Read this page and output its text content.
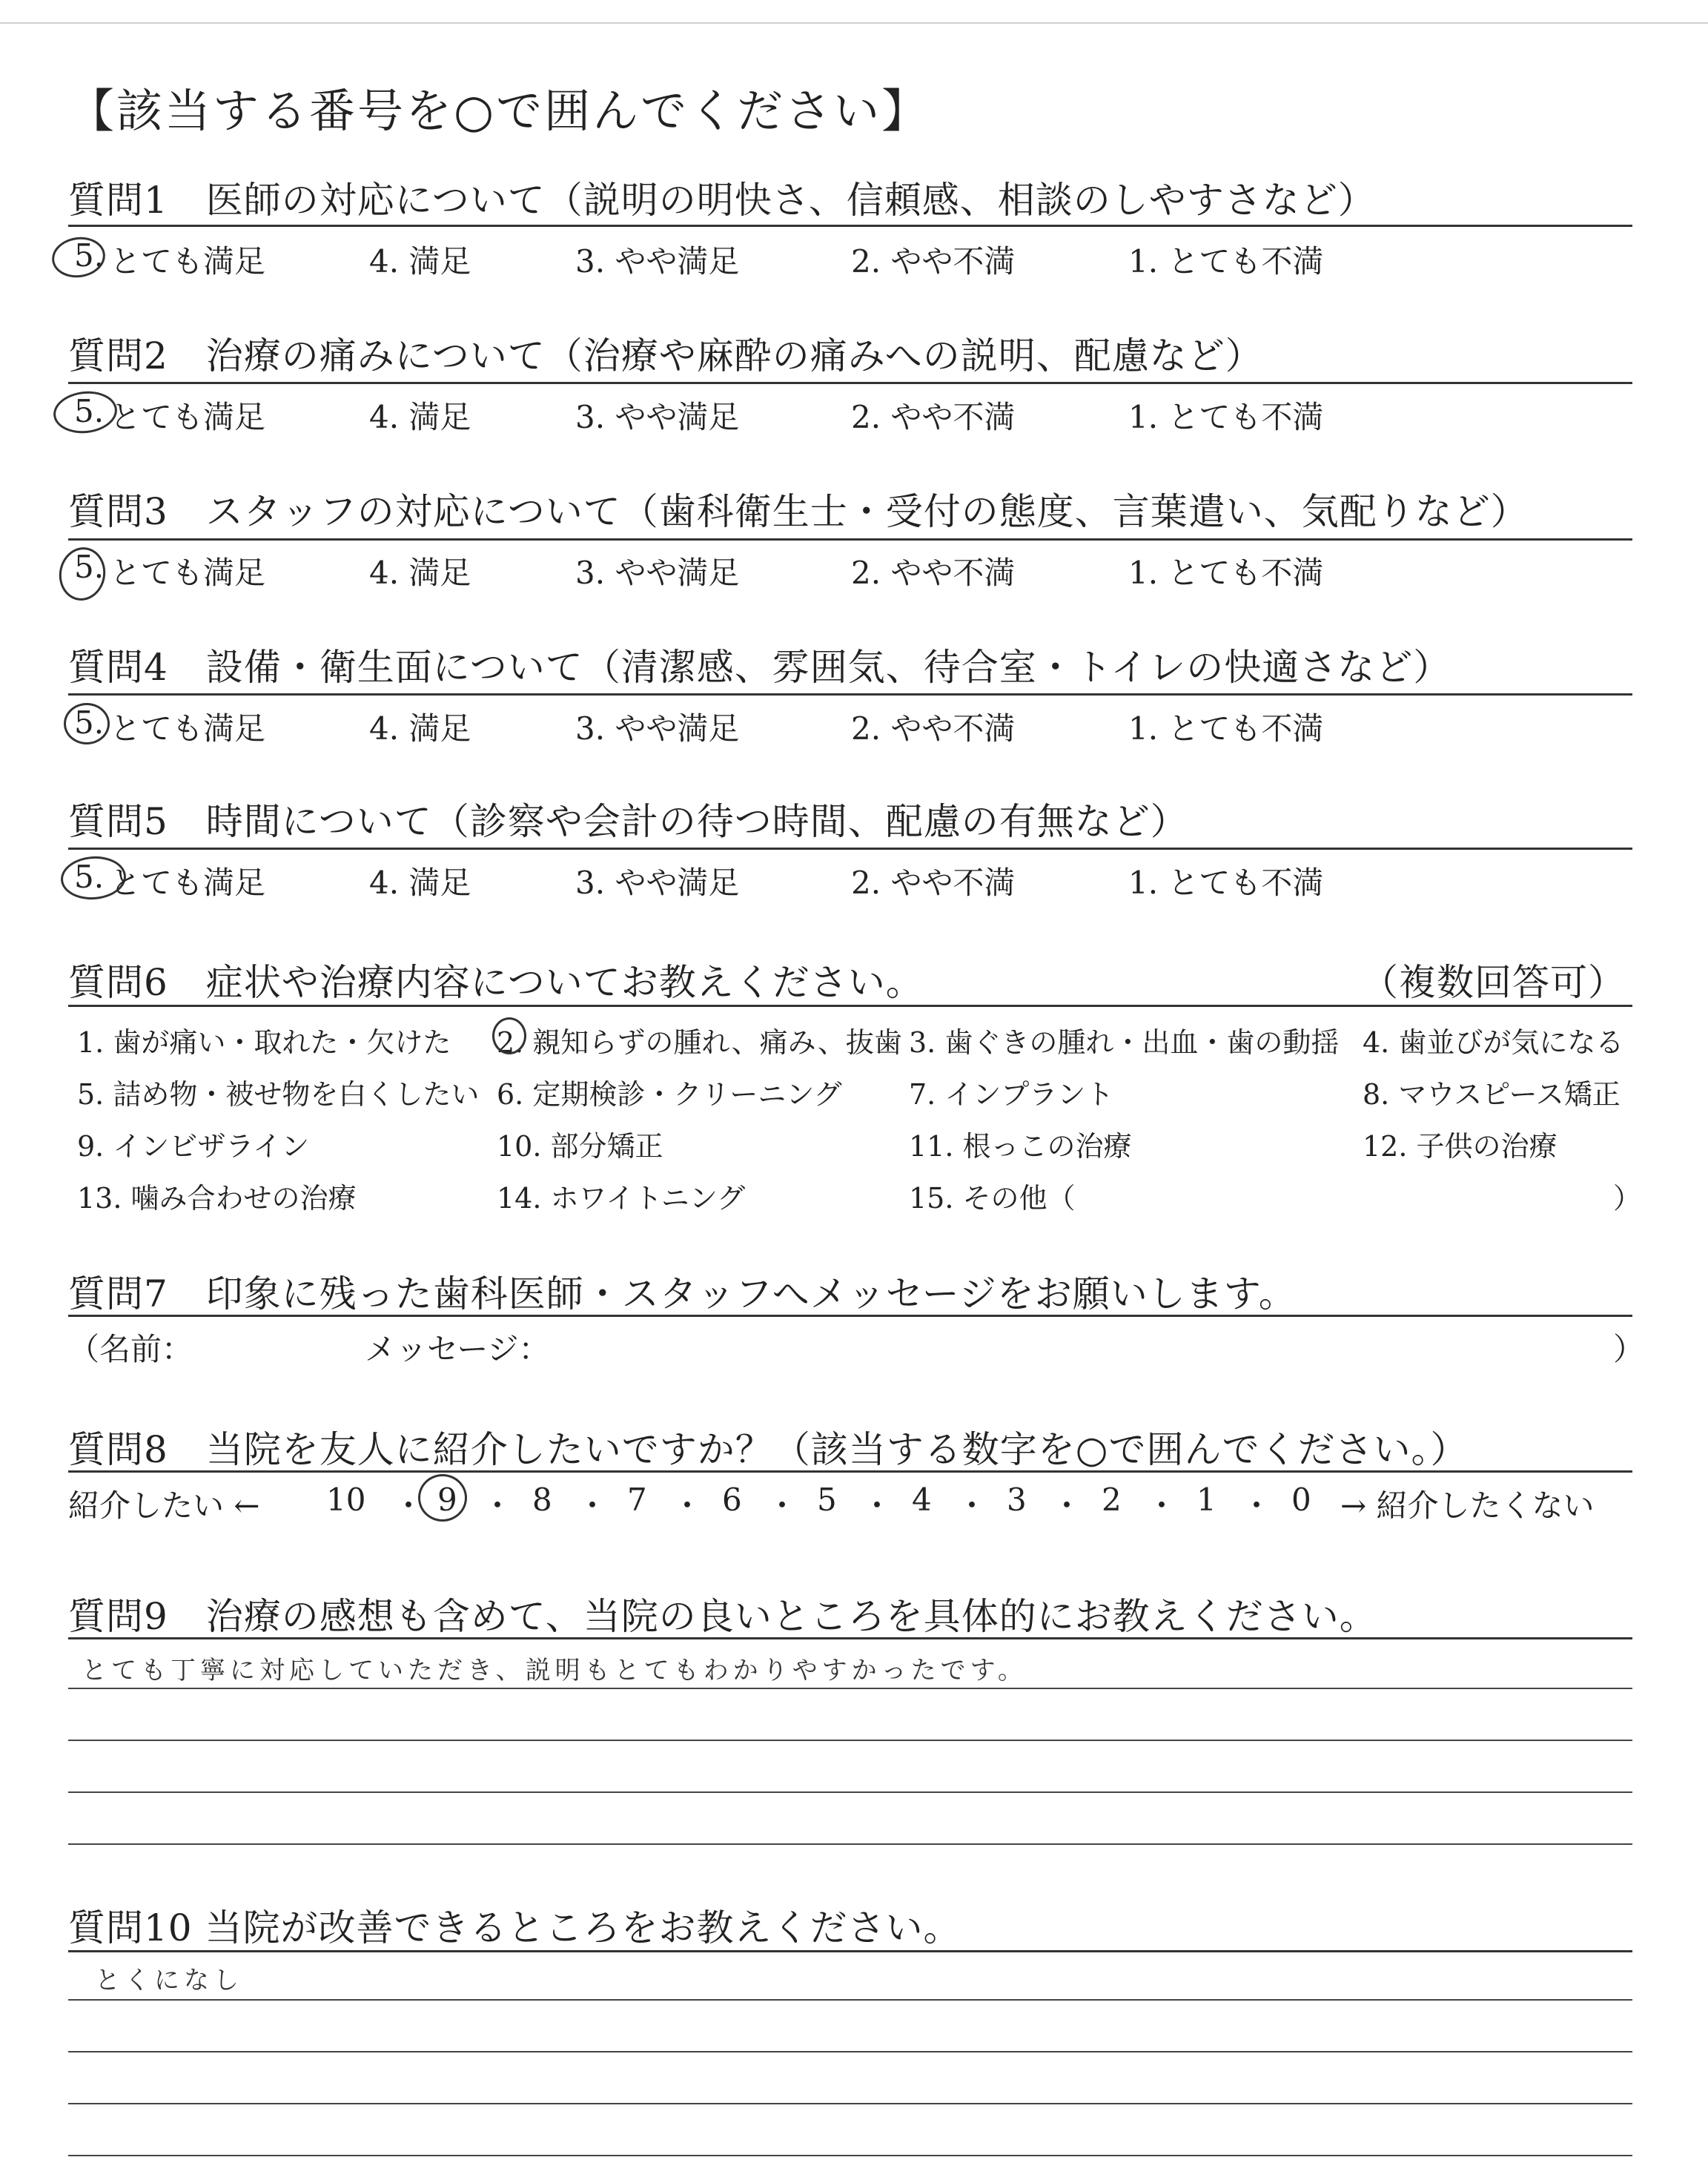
【該当する番号を○で囲んでください】
質問1　医師の対応について（説明の明快さ、信頼感、相談のしやすさなど）
5. とても満足	4. 満足	3. やや満足	2. やや不満	1. とても不満
質問2　治療の痛みについて（治療や麻酔の痛みへの説明、配慮など）
5. とても満足	4. 満足	3. やや満足	2. やや不満	1. とても不満
質問3　スタッフの対応について（歯科衛生士・受付の態度、言葉遣い、気配りなど）
5. とても満足	4. 満足	3. やや満足	2. やや不満	1. とても不満
質問4　設備・衛生面について（清潔感、雰囲気、待合室・トイレの快適さなど）
5. とても満足	4. 満足	3. やや満足	2. やや不満	1. とても不満
質問5　時間について（診察や会計の待つ時間、配慮の有無など）
5. とても満足	4. 満足	3. やや満足	2. やや不満	1. とても不満
質問6　症状や治療内容についてお教えください。	（複数回答可）
1. 歯が痛い・取れた・欠けた 2. 親知らずの腫れ、痛み、抜歯 3. 歯ぐきの腫れ・出血・歯の動揺 4. 歯並びが気になる
5. 詰め物・被せ物を白くしたい 6. 定期検診・クリーニング 7. インプラント	8. マウスピース矯正
9. インビザライン	10. 部分矯正	11. 根っこの治療	12. 子供の治療
13. 噛み合わせの治療	14. ホワイトニング	15. その他（	）
質問7　印象に残った歯科医師・スタッフへメッセージをお願いします。
（名前：	メッセージ：	）
質問8　当院を友人に紹介したいですか？（該当する数字を○で囲んでください。）
紹介したい ← 10 9 8 7 6 5 4 3 2 1 0 → 紹介したくない
・ ・ ・ ・ ・ ・ ・ ・ ・ ・
質問9　治療の感想も含めて、当院の良いところを具体的にお教えください。
とても丁寧に対応していただき、説明もとてもわかりやすかったです。
質問10 当院が改善できるところをお教えください。
とくになし
